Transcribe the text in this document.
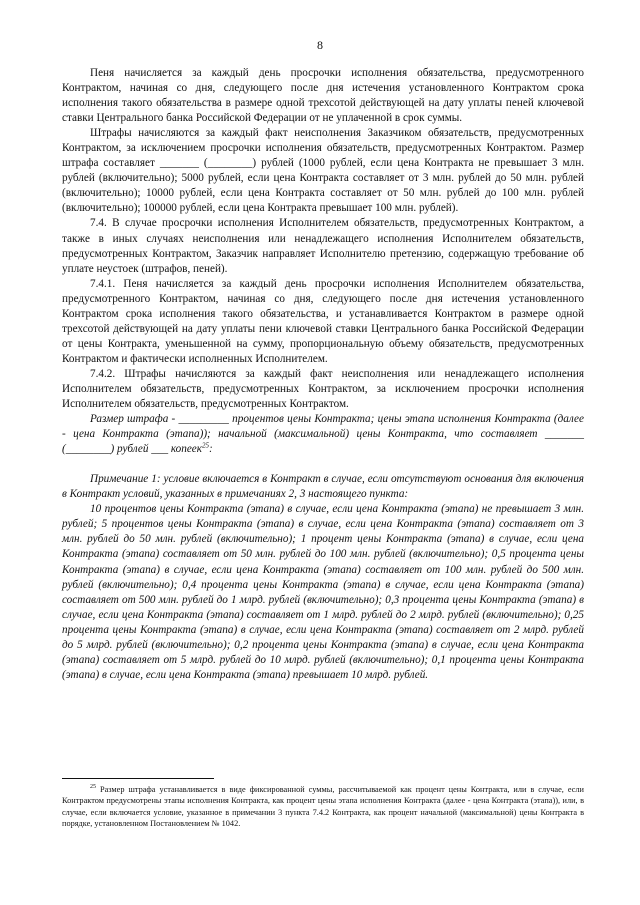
8

Пеня начисляется за каждый день просрочки исполнения обязательства, предусмотренного Контрактом, начиная со дня, следующего после дня истечения установленного Контрактом срока исполнения такого обязательства в размере одной трехсотой действующей на дату уплаты пеней ключевой ставки Центрального банка Российской Федерации от не уплаченной в срок суммы.

Штрафы начисляются за каждый факт неисполнения Заказчиком обязательств, предусмотренных Контрактом, за исключением просрочки исполнения обязательств, предусмотренных Контрактом. Размер штрафа составляет _______ (________) рублей (1000 рублей, если цена Контракта не превышает 3 млн. рублей (включительно); 5000 рублей, если цена Контракта составляет от 3 млн. рублей до 50 млн. рублей (включительно); 10000 рублей, если цена Контракта составляет от 50 млн. рублей до 100 млн. рублей (включительно); 100000 рублей, если цена Контракта превышает 100 млн. рублей).

7.4. В случае просрочки исполнения Исполнителем обязательств, предусмотренных Контрактом, а также в иных случаях неисполнения или ненадлежащего исполнения Исполнителем обязательств, предусмотренных Контрактом, Заказчик направляет Исполнителю претензию, содержащую требование об уплате неустоек (штрафов, пеней).

7.4.1. Пеня начисляется за каждый день просрочки исполнения Исполнителем обязательства, предусмотренного Контрактом, начиная со дня, следующего после дня истечения установленного Контрактом срока исполнения такого обязательства, и устанавливается Контрактом в размере одной трехсотой действующей на дату уплаты пени ключевой ставки Центрального банка Российской Федерации от цены Контракта, уменьшенной на сумму, пропорциональную объему обязательств, предусмотренных Контрактом и фактически исполненных Исполнителем.

7.4.2. Штрафы начисляются за каждый факт неисполнения или ненадлежащего исполнения Исполнителем обязательств, предусмотренных Контрактом, за исключением просрочки исполнения Исполнителем обязательств, предусмотренных Контрактом.

Размер штрафа - _________ процентов цены Контракта; цены этапа исполнения Контракта (далее - цена Контракта (этапа)); начальной (максимальной) цены Контракта, что составляет _______ (________) рублей ___ копеек$^{25}$:

Примечание 1: условие включается в Контракт в случае, если отсутствуют основания для включения в Контракт условий, указанных в примечаниях 2, 3 настоящего пункта:

10 процентов цены Контракта (этапа) в случае, если цена Контракта (этапа) не превышает 3 млн. рублей; 5 процентов цены Контракта (этапа) в случае, если цена Контракта (этапа) составляет от 3 млн. рублей до 50 млн. рублей (включительно); 1 процент цены Контракта (этапа) в случае, если цена Контракта (этапа) составляет от 50 млн. рублей до 100 млн. рублей (включительно); 0,5 процента цены Контракта (этапа) в случае, если цена Контракта (этапа) составляет от 100 млн. рублей до 500 млн. рублей (включительно); 0,4 процента цены Контракта (этапа) в случае, если цена Контракта (этапа) составляет от 500 млн. рублей до 1 млрд. рублей (включительно); 0,3 процента цены Контракта (этапа) в случае, если цена Контракта (этапа) составляет от 1 млрд. рублей до 2 млрд. рублей (включительно); 0,25 процента цены Контракта (этапа) в случае, если цена Контракта (этапа) составляет от 2 млрд. рублей до 5 млрд. рублей (включительно); 0,2 процента цены Контракта (этапа) в случае, если цена Контракта (этапа) составляет от 5 млрд. рублей до 10 млрд. рублей (включительно); 0,1 процента цены Контракта (этапа) в случае, если цена Контракта (этапа) превышает 10 млрд. рублей.

$^{25}$ Размер штрафа устанавливается в виде фиксированной суммы, рассчитываемой как процент цены Контракта, или в случае, если Контрактом предусмотрены этапы исполнения Контракта, как процент цены этапа исполнения Контракта (далее - цена Контракта (этапа)), или, в случае, если включается условие, указанное в примечании 3 пункта 7.4.2 Контракта, как процент начальной (максимальной) цены Контракта в порядке, установленном Постановлением № 1042.
